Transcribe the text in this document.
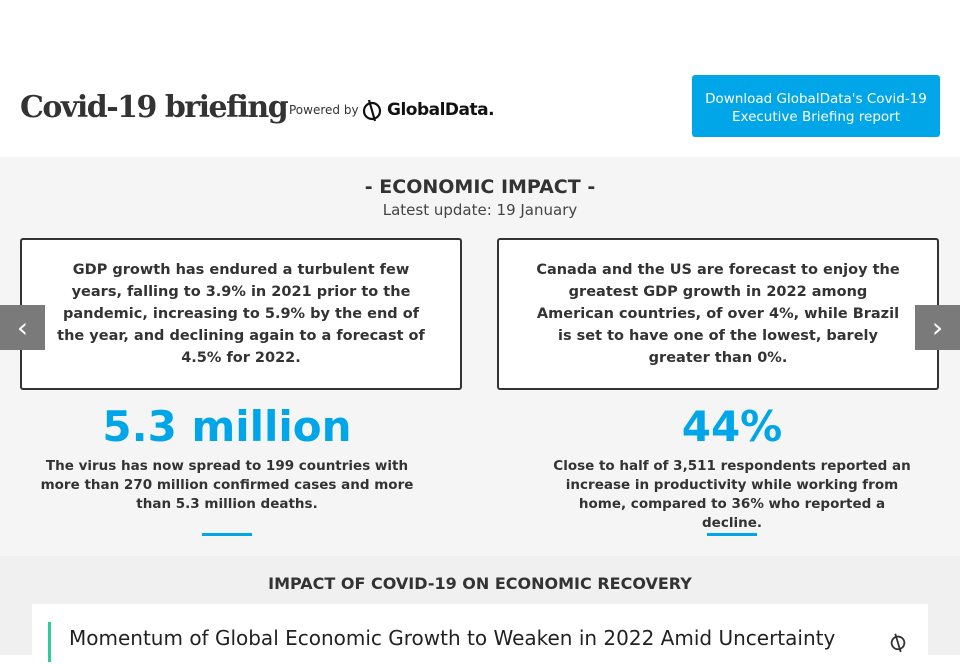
Covid-19 briefing Powered by GlobalData.
Download GlobalData's Covid-19 Executive Briefing report
- ECONOMIC IMPACT -
Latest update: 19 January
GDP growth has endured a turbulent few years, falling to 3.9% in 2021 prior to the pandemic, increasing to 5.9% by the end of the year, and declining again to a forecast of 4.5% for 2022.
Canada and the US are forecast to enjoy the greatest GDP growth in 2022 among American countries, of over 4%, while Brazil is set to have one of the lowest, barely greater than 0%.
‹	›
5.3 million
The virus has now spread to 199 countries with more than 270 million confirmed cases and more than 5.3 million deaths.
44%
Close to half of 3,511 respondents reported an increase in productivity while working from home, compared to 36% who reported a decline.
IMPACT OF COVID-19 ON ECONOMIC RECOVERY
Momentum of Global Economic Growth to Weaken in 2022 Amid Uncertainty
